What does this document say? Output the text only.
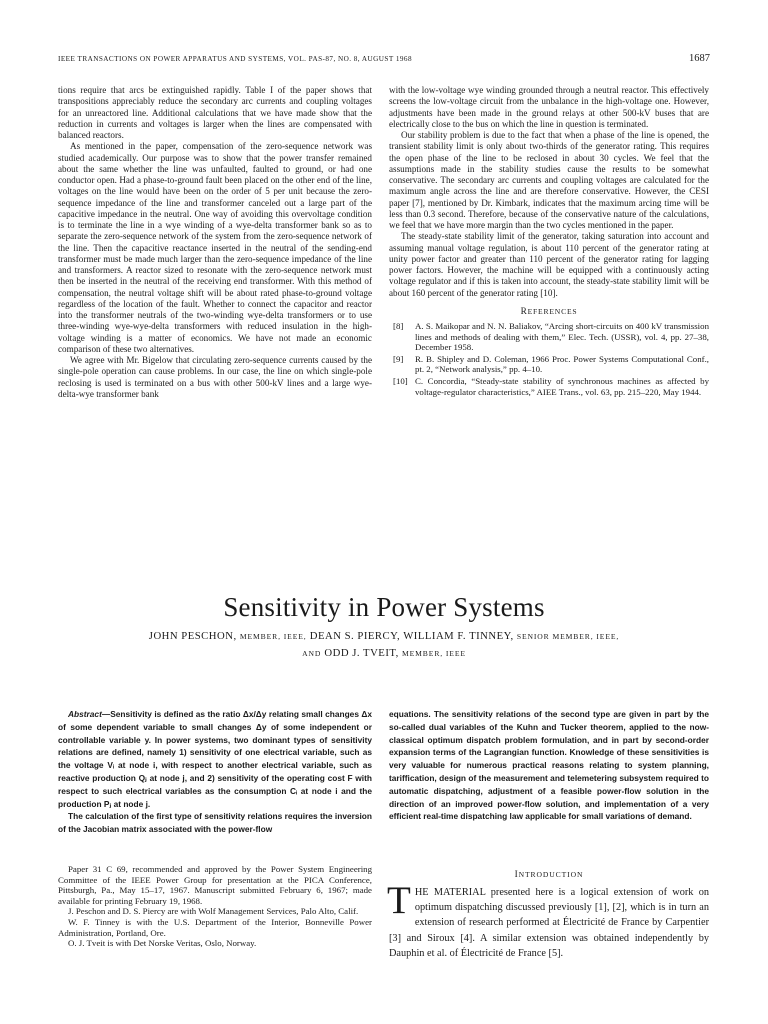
IEEE TRANSACTIONS ON POWER APPARATUS AND SYSTEMS, VOL. PAS-87, NO. 8, AUGUST 1968	1687

tions require that arcs be extinguished rapidly. Table I of the paper shows that transpositions appreciably reduce the secondary arc currents and coupling voltages for an unreactored line. Additional calculations that we have made show that the reduction in currents and voltages is larger when the lines are compensated with balanced reactors.

As mentioned in the paper, compensation of the zero-sequence network was studied academically. Our purpose was to show that the power transfer remained about the same whether the line was unfaulted, faulted to ground, or had one conductor open. Had a phase-to-ground fault been placed on the other end of the line, voltages on the line would have been on the order of 5 per unit because the zero-sequence impedance of the line and transformer canceled out a large part of the capacitive impedance in the neutral. One way of avoiding this overvoltage condition is to terminate the line in a wye winding of a wye-delta transformer bank so as to separate the zero-sequence network of the system from the zero-sequence network of the line. Then the capacitive reactance inserted in the neutral of the sending-end transformer must be made much larger than the zero-sequence impedance of the line and transformers. A reactor sized to resonate with the zero-sequence network must then be inserted in the neutral of the receiving end transformer. With this method of compensation, the neutral voltage shift will be about rated phase-to-ground voltage regardless of the location of the fault. Whether to connect the capacitor and reactor into the transformer neutrals of the two-winding wye-delta transformers or to use three-winding wye-wye-delta transformers with reduced insulation in the high-voltage winding is a matter of economics. We have not made an economic comparison of these two alternatives.

We agree with Mr. Bigelow that circulating zero-sequence currents caused by the single-pole operation can cause problems. In our case, the line on which single-pole reclosing is used is terminated on a bus with other 500-kV lines and a large wye-delta-wye transformer bank

with the low-voltage wye winding grounded through a neutral reactor. This effectively screens the low-voltage circuit from the unbalance in the high-voltage one. However, adjustments have been made in the ground relays at other 500-kV buses that are electrically close to the bus on which the line in question is terminated.

Our stability problem is due to the fact that when a phase of the line is opened, the transient stability limit is only about two-thirds of the generator rating. This requires the open phase of the line to be reclosed in about 30 cycles. We feel that the assumptions made in the stability studies cause the results to be somewhat conservative. The secondary arc currents and coupling voltages are calculated for the maximum angle across the line and are therefore conservative. However, the CESI paper [7], mentioned by Dr. Kimbark, indicates that the maximum arcing time will be less than 0.3 second. Therefore, because of the conservative nature of the calculations, we feel that we have more margin than the two cycles mentioned in the paper.

The steady-state stability limit of the generator, taking saturation into account and assuming manual voltage regulation, is about 110 percent of the generator rating at unity power factor and greater than 110 percent of the generator rating for lagging power factors. However, the machine will be equipped with a continuously acting voltage regulator and if this is taken into account, the steady-state stability limit will be about 160 percent of the generator rating [10].

REFERENCES
[8] A. S. Maikopar and N. N. Baliakov, “Arcing short-circuits on 400 kV transmission lines and methods of dealing with them,” Elec. Tech. (USSR), vol. 4, pp. 27–38, December 1958.
[9] R. B. Shipley and D. Coleman, 1966 Proc. Power Systems Computational Conf., pt. 2, “Network analysis,” pp. 4–10.
[10] C. Concordia, “Steady-state stability of synchronous machines as affected by voltage-regulator characteristics,” AIEE Trans., vol. 63, pp. 215–220, May 1944.
Sensitivity in Power Systems
JOHN PESCHON, MEMBER, IEEE, DEAN S. PIERCY, WILLIAM F. TINNEY, SENIOR MEMBER, IEEE,
AND ODD J. TVEIT, MEMBER, IEEE

Abstract—Sensitivity is defined as the ratio Δx/Δy relating small changes Δx of some dependent variable to small changes Δy of some independent or controllable variable y. In power systems, two dominant types of sensitivity relations are defined, namely 1) sensitivity of one electrical variable, such as the voltage Vᵢ at node i, with respect to another electrical variable, such as reactive production Qⱼ at node j, and 2) sensitivity of the operating cost F with respect to such electrical variables as the consumption Cᵢ at node i and the production Pⱼ at node j.

The calculation of the first type of sensitivity relations requires the inversion of the Jacobian matrix associated with the power-flow

equations. The sensitivity relations of the second type are given in part by the so-called dual variables of the Kuhn and Tucker theorem, applied to the now-classical optimum dispatch problem formulation, and in part by second-order expansion terms of the Lagrangian function. Knowledge of these sensitivities is very valuable for numerous practical reasons relating to system planning, tariffication, design of the measurement and telemetering subsystem required to automatic dispatching, adjustment of a feasible power-flow solution in the direction of an improved power-flow solution, and implementation of a very efficient real-time dispatching law applicable for small variations of demand.

Paper 31 C 69, recommended and approved by the Power System Engineering Committee of the IEEE Power Group for presentation at the PICA Conference, Pittsburgh, Pa., May 15–17, 1967. Manuscript submitted February 6, 1967; made available for printing February 19, 1968.

J. Peschon and D. S. Piercy are with Wolf Management Services, Palo Alto, Calif.

W. F. Tinney is with the U.S. Department of the Interior, Bonneville Power Administration, Portland, Ore.

O. J. Tveit is with Det Norske Veritas, Oslo, Norway.

INTRODUCTION
THE MATERIAL presented here is a logical extension of work on optimum dispatching discussed previously [1], [2], which is in turn an extension of research performed at Électricité de France by Carpentier [3] and Siroux [4]. A similar extension was obtained independently by Dauphin et al. of Électricité de France [5].
